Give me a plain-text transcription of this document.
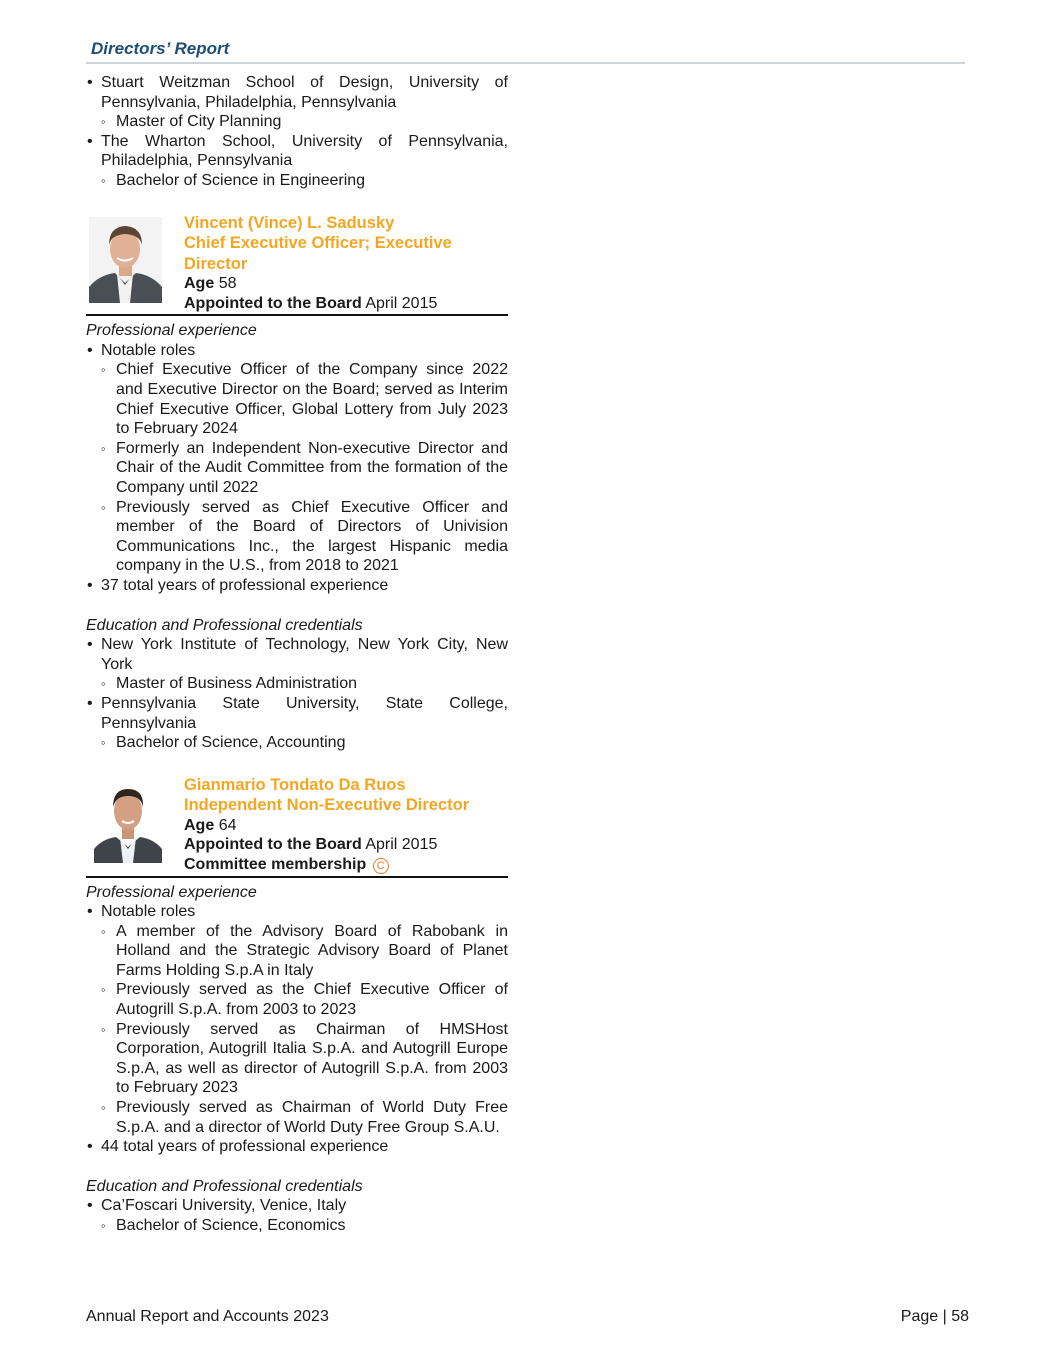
Directors’ Report
• Stuart Weitzman School of Design, University of Pennsylvania, Philadelphia, Pennsylvania
◦ Master of City Planning
• The Wharton School, University of Pennsylvania, Philadelphia, Pennsylvania
◦ Bachelor of Science in Engineering
Vincent (Vince) L. Sadusky
Chief Executive Officer; Executive Director
Age 58
Appointed to the Board April 2015
Professional experience
• Notable roles
◦ Chief Executive Officer of the Company since 2022 and Executive Director on the Board; served as Interim Chief Executive Officer, Global Lottery from July 2023 to February 2024
◦ Formerly an Independent Non-executive Director and Chair of the Audit Committee from the formation of the Company until 2022
◦ Previously served as Chief Executive Officer and member of the Board of Directors of Univision Communications Inc., the largest Hispanic media company in the U.S., from 2018 to 2021
• 37 total years of professional experience
Education and Professional credentials
• New York Institute of Technology, New York City, New York
◦ Master of Business Administration
• Pennsylvania State University, State College, Pennsylvania
◦ Bachelor of Science, Accounting
Gianmario Tondato Da Ruos
Independent Non-Executive Director
Age 64
Appointed to the Board April 2015
Committee membership C
Professional experience
• Notable roles
◦ A member of the Advisory Board of Rabobank in Holland and the Strategic Advisory Board of Planet Farms Holding S.p.A in Italy
◦ Previously served as the Chief Executive Officer of Autogrill S.p.A. from 2003 to 2023
◦ Previously served as Chairman of HMSHost Corporation, Autogrill Italia S.p.A. and Autogrill Europe S.p.A, as well as director of Autogrill S.p.A. from 2003 to February 2023
◦ Previously served as Chairman of World Duty Free S.p.A. and a director of World Duty Free Group S.A.U.
• 44 total years of professional experience
Education and Professional credentials
• Ca’Foscari University, Venice, Italy
◦ Bachelor of Science, Economics
Annual Report and Accounts 2023	Page | 58
